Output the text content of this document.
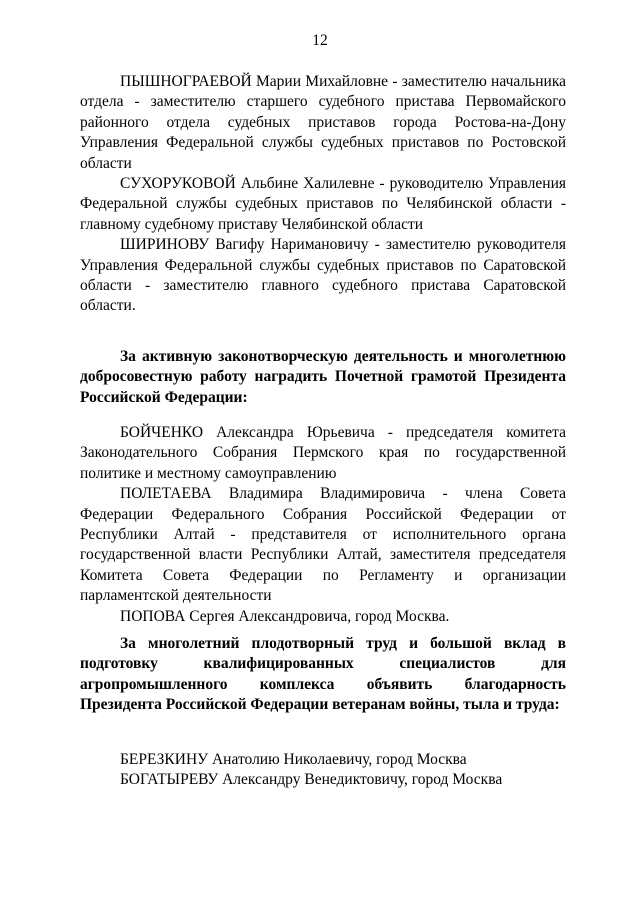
12
ПЫШНОГРАЕВОЙ Марии Михайловне - заместителю начальника отдела - заместителю старшего судебного пристава Первомайского районного отдела судебных приставов города Ростова-на-Дону Управления Федеральной службы судебных приставов по Ростовской области
СУХОРУКОВОЙ Альбине Халилевне - руководителю Управления Федеральной службы судебных приставов по Челябинской области - главному судебному приставу Челябинской области
ШИРИНОВУ Вагифу Наримановичу - заместителю руководителя Управления Федеральной службы судебных приставов по Саратовской области - заместителю главного судебного пристава Саратовской области.
За активную законотворческую деятельность и многолетнюю добросовестную работу наградить Почетной грамотой Президента Российской Федерации:
БОЙЧЕНКО Александра Юрьевича - председателя комитета Законодательного Собрания Пермского края по государственной политике и местному самоуправлению
ПОЛЕТАЕВА Владимира Владимировича - члена Совета Федерации Федерального Собрания Российской Федерации от Республики Алтай - представителя от исполнительного органа государственной власти Республики Алтай, заместителя председателя Комитета Совета Федерации по Регламенту и организации парламентской деятельности
ПОПОВА Сергея Александровича, город Москва.
За многолетний плодотворный труд и большой вклад в подготовку квалифицированных специалистов для агропромышленного комплекса объявить благодарность Президента Российской Федерации ветеранам войны, тыла и труда:
БЕРЕЗКИНУ Анатолию Николаевичу, город Москва
БОГАТЫРЕВУ Александру Венедиктовичу, город Москва
